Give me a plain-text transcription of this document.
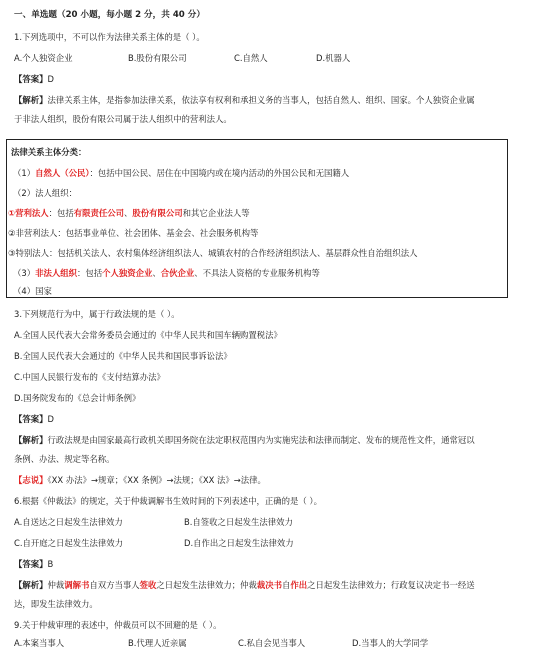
一、单选题（20 小题，每小题 2 分，共 40 分）
1.下列选项中，不可以作为法律关系主体的是（ ）。
A.个人独资企业	B.股份有限公司	C.自然人	D.机器人
【答案】D
【解析】法律关系主体，是指参加法律关系，依法享有权利和承担义务的当事人，包括自然人、组织、国家。个人独资企业属
于非法人组织，股份有限公司属于法人组织中的营利法人。
法律关系主体分类：
（1）自然人（公民）：包括中国公民、居住在中国境内或在境内活动的外国公民和无国籍人
（2）法人组织：
①营利法人：包括有限责任公司、股份有限公司和其它企业法人等
②非营利法人：包括事业单位、社会团体、基金会、社会服务机构等
③特别法人：包括机关法人、农村集体经济组织法人、城镇农村的合作经济组织法人、基层群众性自治组织法人
（3）非法人组织：包括个人独资企业、合伙企业、不具法人资格的专业服务机构等
（4）国家
3.下列规范行为中，属于行政法规的是（ ）。
A.全国人民代表大会常务委员会通过的《中华人民共和国车辆购置税法》
B.全国人民代表大会通过的《中华人民共和国民事诉讼法》
C.中国人民银行发布的《支付结算办法》
D.国务院发布的《总会计师条例》
【答案】D
【解析】行政法规是由国家最高行政机关即国务院在法定职权范围内为实施宪法和法律而制定、发布的规范性文件，通常冠以
条例、办法、规定等名称。
【志说】《XX 办法》→规章；《XX 条例》→法规；《XX 法》→法律。
6.根据《仲裁法》的规定，关于仲裁调解书生效时间的下列表述中，正确的是（ ）。
A.自送达之日起发生法律效力	B.自签收之日起发生法律效力
C.自开庭之日起发生法律效力	D.自作出之日起发生法律效力
【答案】B
【解析】仲裁调解书自双方当事人签收之日起发生法律效力；仲裁裁决书自作出之日起发生法律效力；行政复议决定书一经送
达，即发生法律效力。
9.关于仲裁审理的表述中，仲裁员可以不回避的是（ ）。
A.本案当事人	B.代理人近亲属	C.私自会见当事人	D.当事人的大学同学
